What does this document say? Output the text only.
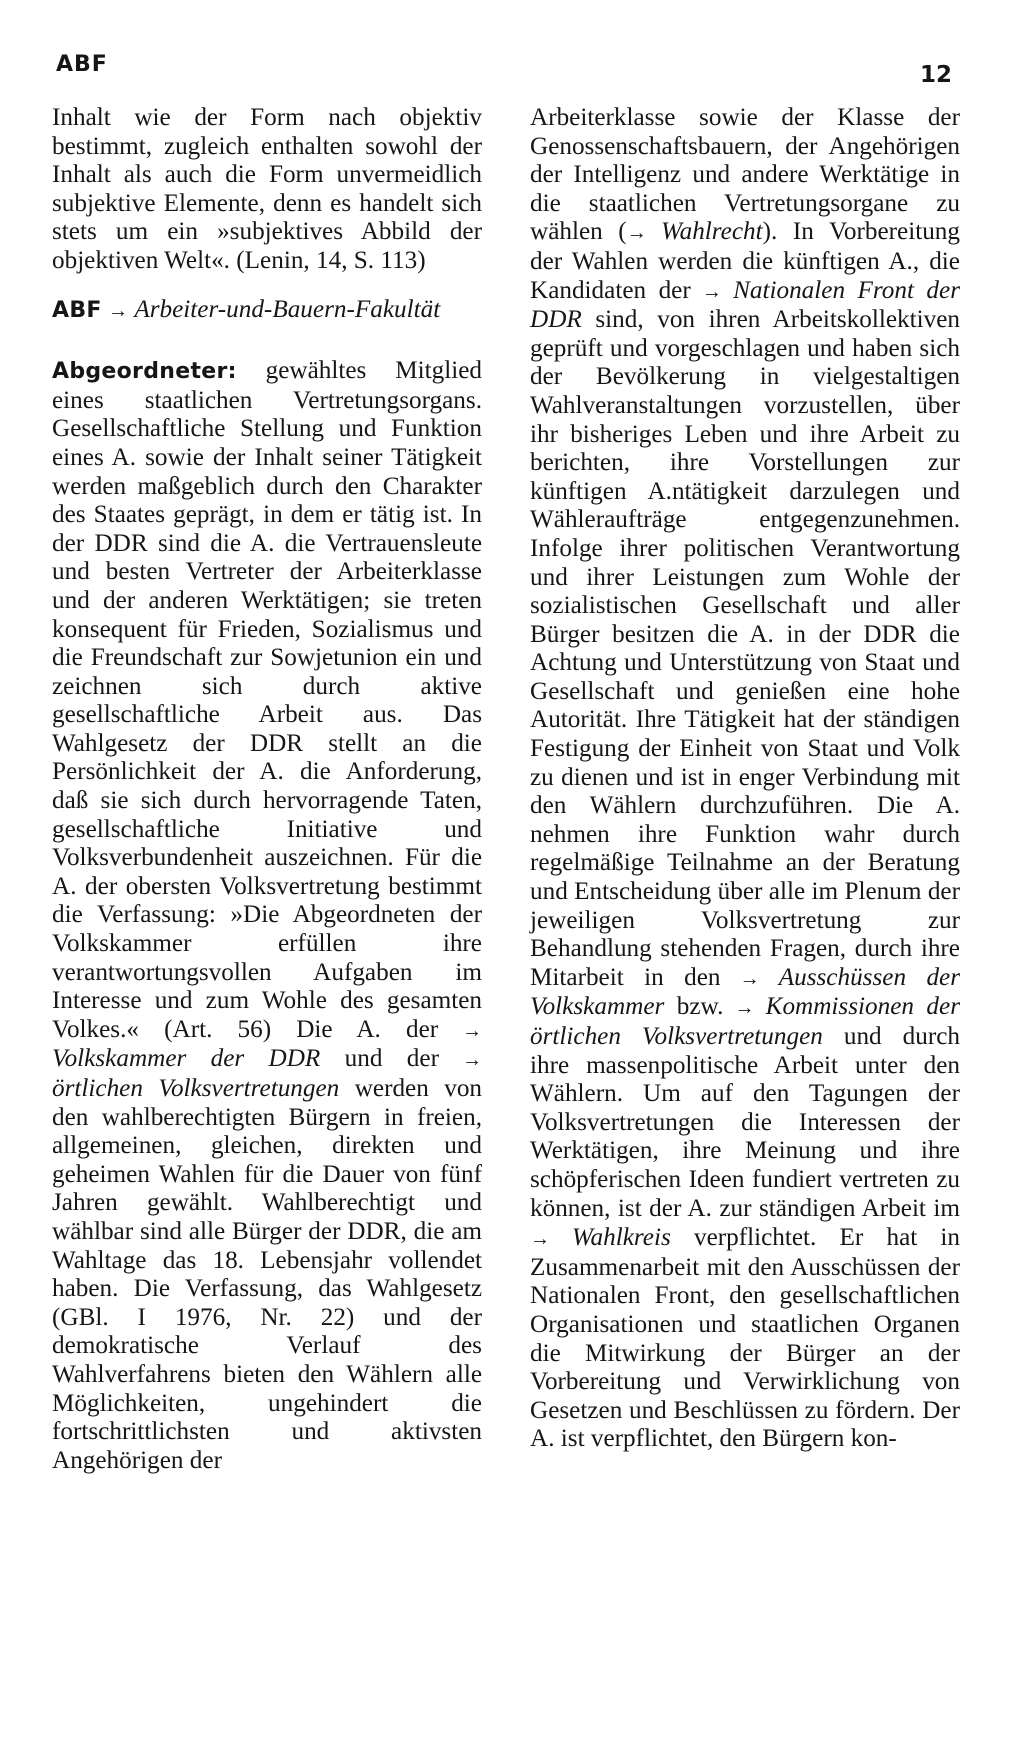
ABF	12

Inhalt wie der Form nach objektiv bestimmt, zugleich enthalten sowohl der Inhalt als auch die Form unvermeidlich subjektive Elemente, denn es handelt sich stets um ein »subjektives Abbild der objektiven Welt«. (Lenin, 14, S. 113)

ABF → Arbeiter-und-Bauern-Fakultät

Abgeordneter: gewähltes Mitglied eines staatlichen Vertretungsorgans. Gesellschaftliche Stellung und Funktion eines A. sowie der Inhalt seiner Tätigkeit werden maßgeblich durch den Charakter des Staates geprägt, in dem er tätig ist. In der DDR sind die A. die Vertrauensleute und besten Vertreter der Arbeiterklasse und der anderen Werktätigen; sie treten konsequent für Frieden, Sozialismus und die Freundschaft zur Sowjetunion ein und zeichnen sich durch aktive gesellschaftliche Arbeit aus. Das Wahlgesetz der DDR stellt an die Persönlichkeit der A. die Anforderung, daß sie sich durch hervorragende Taten, gesellschaftliche Initiative und Volksverbundenheit auszeichnen. Für die A. der obersten Volksvertretung bestimmt die Verfassung: »Die Abgeordneten der Volkskammer erfüllen ihre verantwortungsvollen Aufgaben im Interesse und zum Wohle des gesamten Volkes.« (Art. 56) Die A. der → Volkskammer der DDR und der → örtlichen Volksvertretungen werden von den wahlberechtigten Bürgern in freien, allgemeinen, gleichen, direkten und geheimen Wahlen für die Dauer von fünf Jahren gewählt. Wahlberechtigt und wählbar sind alle Bürger der DDR, die am Wahltage das 18. Lebensjahr vollendet haben. Die Verfassung, das Wahlgesetz (GBl. I 1976, Nr. 22) und der demokratische Verlauf des Wahlverfahrens bieten den Wählern alle Möglichkeiten, ungehindert die fortschrittlichsten und aktivsten Angehörigen der

Arbeiterklasse sowie der Klasse der Genossenschaftsbauern, der Angehörigen der Intelligenz und andere Werktätige in die staatlichen Vertretungsorgane zu wählen (→ Wahlrecht). In Vorbereitung der Wahlen werden die künftigen A., die Kandidaten der → Nationalen Front der DDR sind, von ihren Arbeitskollektiven geprüft und vorgeschlagen und haben sich der Bevölkerung in vielgestaltigen Wahlveranstaltungen vorzustellen, über ihr bisheriges Leben und ihre Arbeit zu berichten, ihre Vorstellungen zur künftigen A.ntätigkeit darzulegen und Wähleraufträge entgegenzunehmen. Infolge ihrer politischen Verantwortung und ihrer Leistungen zum Wohle der sozialistischen Gesellschaft und aller Bürger besitzen die A. in der DDR die Achtung und Unterstützung von Staat und Gesellschaft und genießen eine hohe Autorität. Ihre Tätigkeit hat der ständigen Festigung der Einheit von Staat und Volk zu dienen und ist in enger Verbindung mit den Wählern durchzuführen. Die A. nehmen ihre Funktion wahr durch regelmäßige Teilnahme an der Beratung und Entscheidung über alle im Plenum der jeweiligen Volksvertretung zur Behandlung stehenden Fragen, durch ihre Mitarbeit in den → Ausschüssen der Volkskammer bzw. → Kommissionen der örtlichen Volksvertretungen und durch ihre massenpolitische Arbeit unter den Wählern. Um auf den Tagungen der Volksvertretungen die Interessen der Werktätigen, ihre Meinung und ihre schöpferischen Ideen fundiert vertreten zu können, ist der A. zur ständigen Arbeit im → Wahlkreis verpflichtet. Er hat in Zusammenarbeit mit den Ausschüssen der Nationalen Front, den gesellschaftlichen Organisationen und staatlichen Organen die Mitwirkung der Bürger an der Vorbereitung und Verwirklichung von Gesetzen und Beschlüssen zu fördern. Der A. ist verpflichtet, den Bürgern kon-
